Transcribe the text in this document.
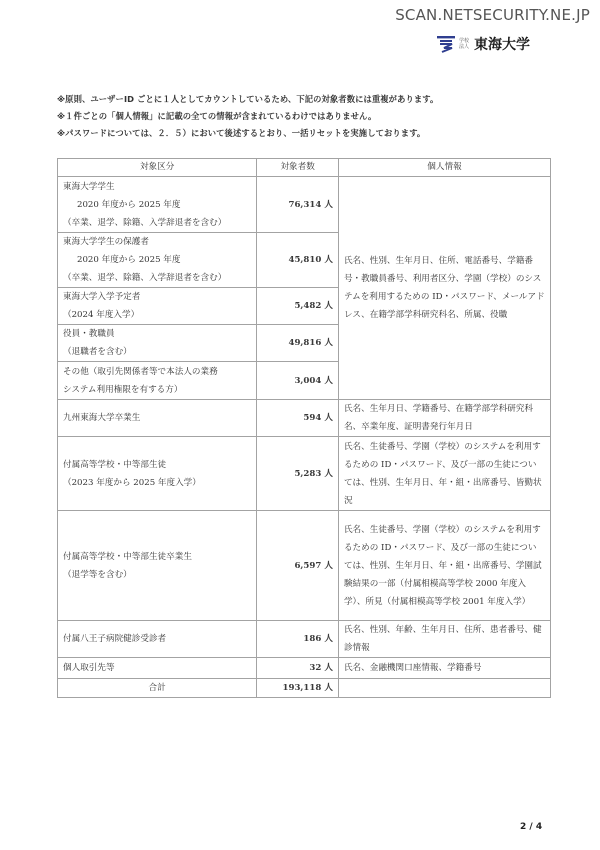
SCAN.NETSECURITY.NE.JP
学校法人 東海大学
※原則、ユーザーID ごとに１人としてカウントしているため、下記の対象者数には重複があります。
※１件ごとの「個人情報」に記載の全ての情報が含まれているわけではありません。
※パスワードについては、２．５）において後述するとおり、一括リセットを実施しております。
対象区分	対象者数	個人情報

東海大学学生
2020 年度から 2025 年度
（卒業、退学、除籍、入学辞退者を含む）	76,314 人	氏名、性別、生年月日、住所、電話番号、学籍番号・教職員番号、利用者区分、学園（学校）のシステムを利用するための ID・パスワード、メールアドレス、在籍学部学科研究科名、所属、役職

東海大学学生の保護者
2020 年度から 2025 年度
（卒業、退学、除籍、入学辞退者を含む）	45,810 人	

東海大学入学予定者
（2024 年度入学）	5,482 人	

役員・教職員
（退職者を含む）	49,816 人	

その他（取引先関係者等で本法人の業務
システム利用権限を有する方）	3,004 人	
九州東海大学卒業生	594 人	氏名、生年月日、学籍番号、在籍学部学科研究科名、卒業年度、証明書発行年月日

付属高等学校・中等部生徒
（2023 年度から 2025 年度入学）	5,283 人	氏名、生徒番号、学園（学校）のシステムを利用するための ID・パスワード、及び一部の生徒については、性別、生年月日、年・組・出席番号、皆勤状況

付属高等学校・中等部生徒卒業生
（退学等を含む）	6,597 人	氏名、生徒番号、学園（学校）のシステムを利用するための ID・パスワード、及び一部の生徒については、性別、生年月日、年・組・出席番号、学園試験結果の一部（付属相模高等学校 2000 年度入学）、所見（付属相模高等学校 2001 年度入学）
付属八王子病院健診受診者	186 人	氏名、性別、年齢、生年月日、住所、患者番号、健診情報
個人取引先等	32 人	氏名、金融機関口座情報、学籍番号
合計	193,118 人	
2 / 4
